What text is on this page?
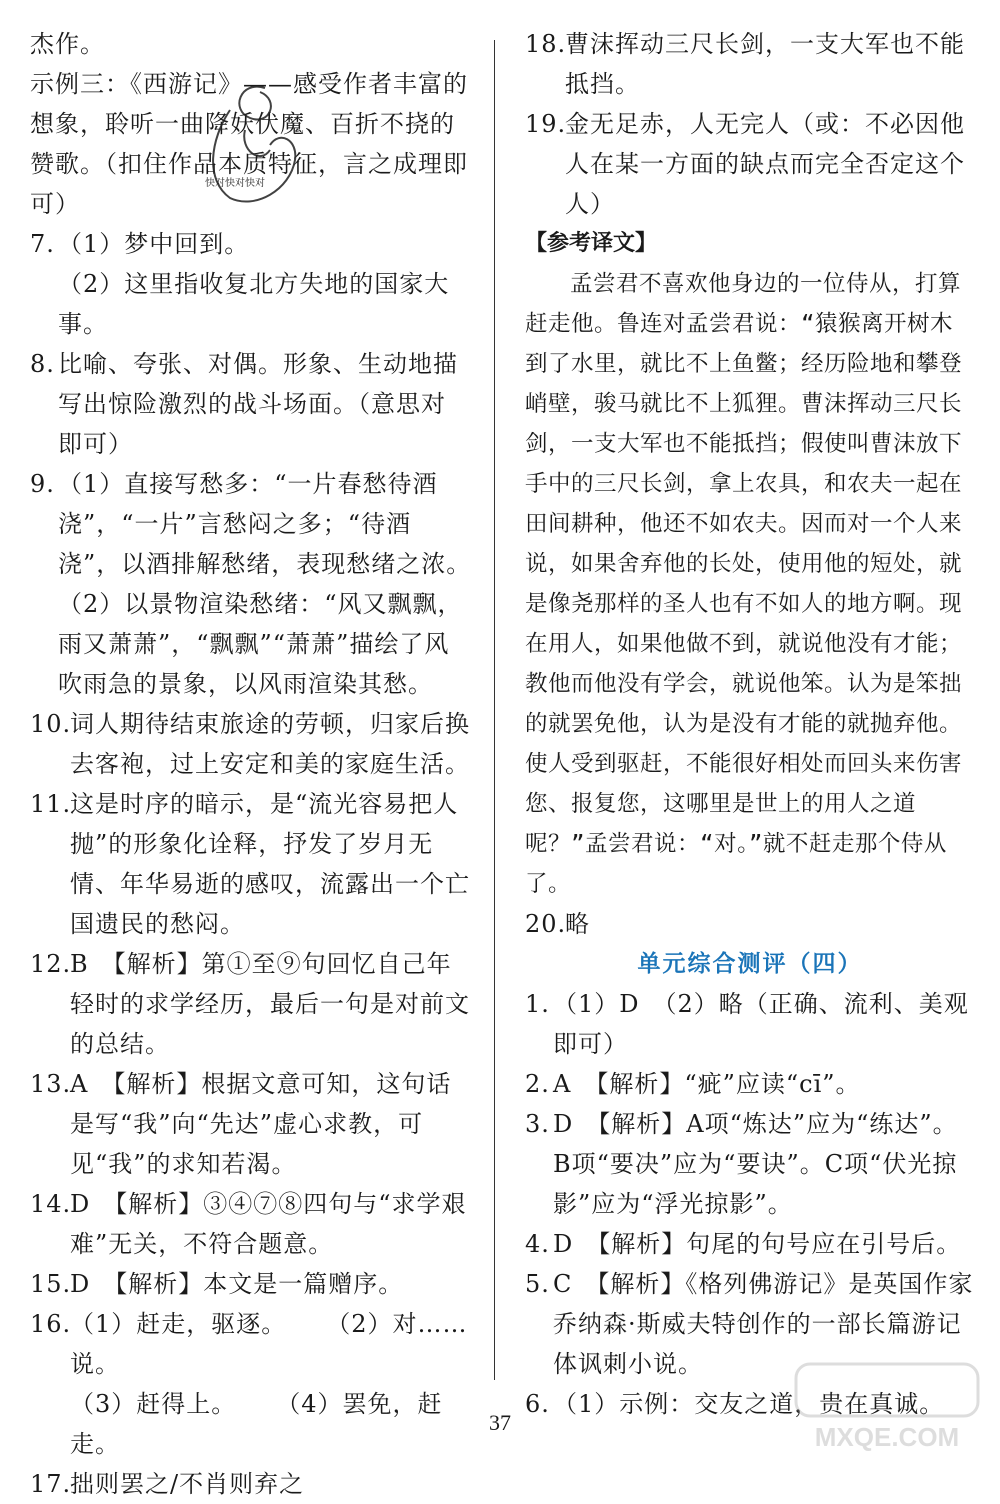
杰作。
示例三：《西游记》——感受作者丰富的想象，聆听一曲降妖伏魔、百折不挠的赞歌。（扣住作品本质特征，言之成理即可）
7. （1）梦中回到。
（2）这里指收复北方失地的国家大事。
8. 比喻、夸张、对偶。形象、生动地描写出惊险激烈的战斗场面。（意思对即可）
9. （1）直接写愁多：“一片春愁待酒浇”，“一片”言愁闷之多；“待酒浇”，以酒排解愁绪，表现愁绪之浓。　（2）以景物渲染愁绪：“风又飘飘，雨又萧萧”，“飘飘”“萧萧”描绘了风吹雨急的景象，以风雨渲染其愁。
10.
词人期待结束旅途的劳顿，归家后换去客袍，过上安定和美的家庭生活。
11.
这是时序的暗示，是“流光容易把人抛”的形象化诠释，抒发了岁月无情、年华易逝的感叹，流露出一个亡国遗民的愁闷。
12.
B　【解析】第①至⑨句回忆自己年轻时的求学经历，最后一句是对前文的总结。
13.
A　【解析】根据文意可知，这句话是写“我”向“先达”虚心求教，可见“我”的求知若渴。
14.
D　【解析】③④⑦⑧四句与“求学艰难”无关，不符合题意。
15.
D　【解析】本文是一篇赠序。
16.
（1）赶走，驱逐。 （2）对……说。
（3）赶得上。 （4）罢免，赶走。
17.
拙则罢之/不肖则弃之
快对快对快对
18.
曹沫挥动三尺长剑，一支大军也不能抵挡。
19.
金无足赤，人无完人（或：不必因他人在某一方面的缺点而完全否定这个人）
【参考译文】
孟尝君不喜欢他身边的一位侍从，打算赶走他。鲁连对孟尝君说：“猿猴离开树木到了水里，就比不上鱼鳖；经历险地和攀登峭壁，骏马就比不上狐狸。曹沫挥动三尺长剑，一支大军也不能抵挡；假使叫曹沫放下手中的三尺长剑，拿上农具，和农夫一起在田间耕种，他还不如农夫。因而对一个人来说，如果舍弃他的长处，使用他的短处，就是像尧那样的圣人也有不如人的地方啊。现在用人，如果他做不到，就说他没有才能；教他而他没有学会，就说他笨。认为是笨拙的就罢免他，认为是没有才能的就抛弃他。使人受到驱赶，不能很好相处而回头来伤害您、报复您，这哪里是世上的用人之道呢？”孟尝君说：“对。”就不赶走那个侍从了。
20.
略
单元综合测评（四）
1. （1）D　（2）略（正确、流利、美观即可）
2. A　【解析】“疵”应读“cī”。
3. D　【解析】A项“炼达”应为“练达”。B项“要决”应为“要诀”。C项“伏光掠影”应为“浮光掠影”。
4. D　【解析】句尾的句号应在引号后。
5. C　【解析】《格列佛游记》是英国作家乔纳森·斯威夫特创作的一部长篇游记体讽刺小说。
6. （1）示例：交友之道，贵在真诚。
37	MXQE.COM
